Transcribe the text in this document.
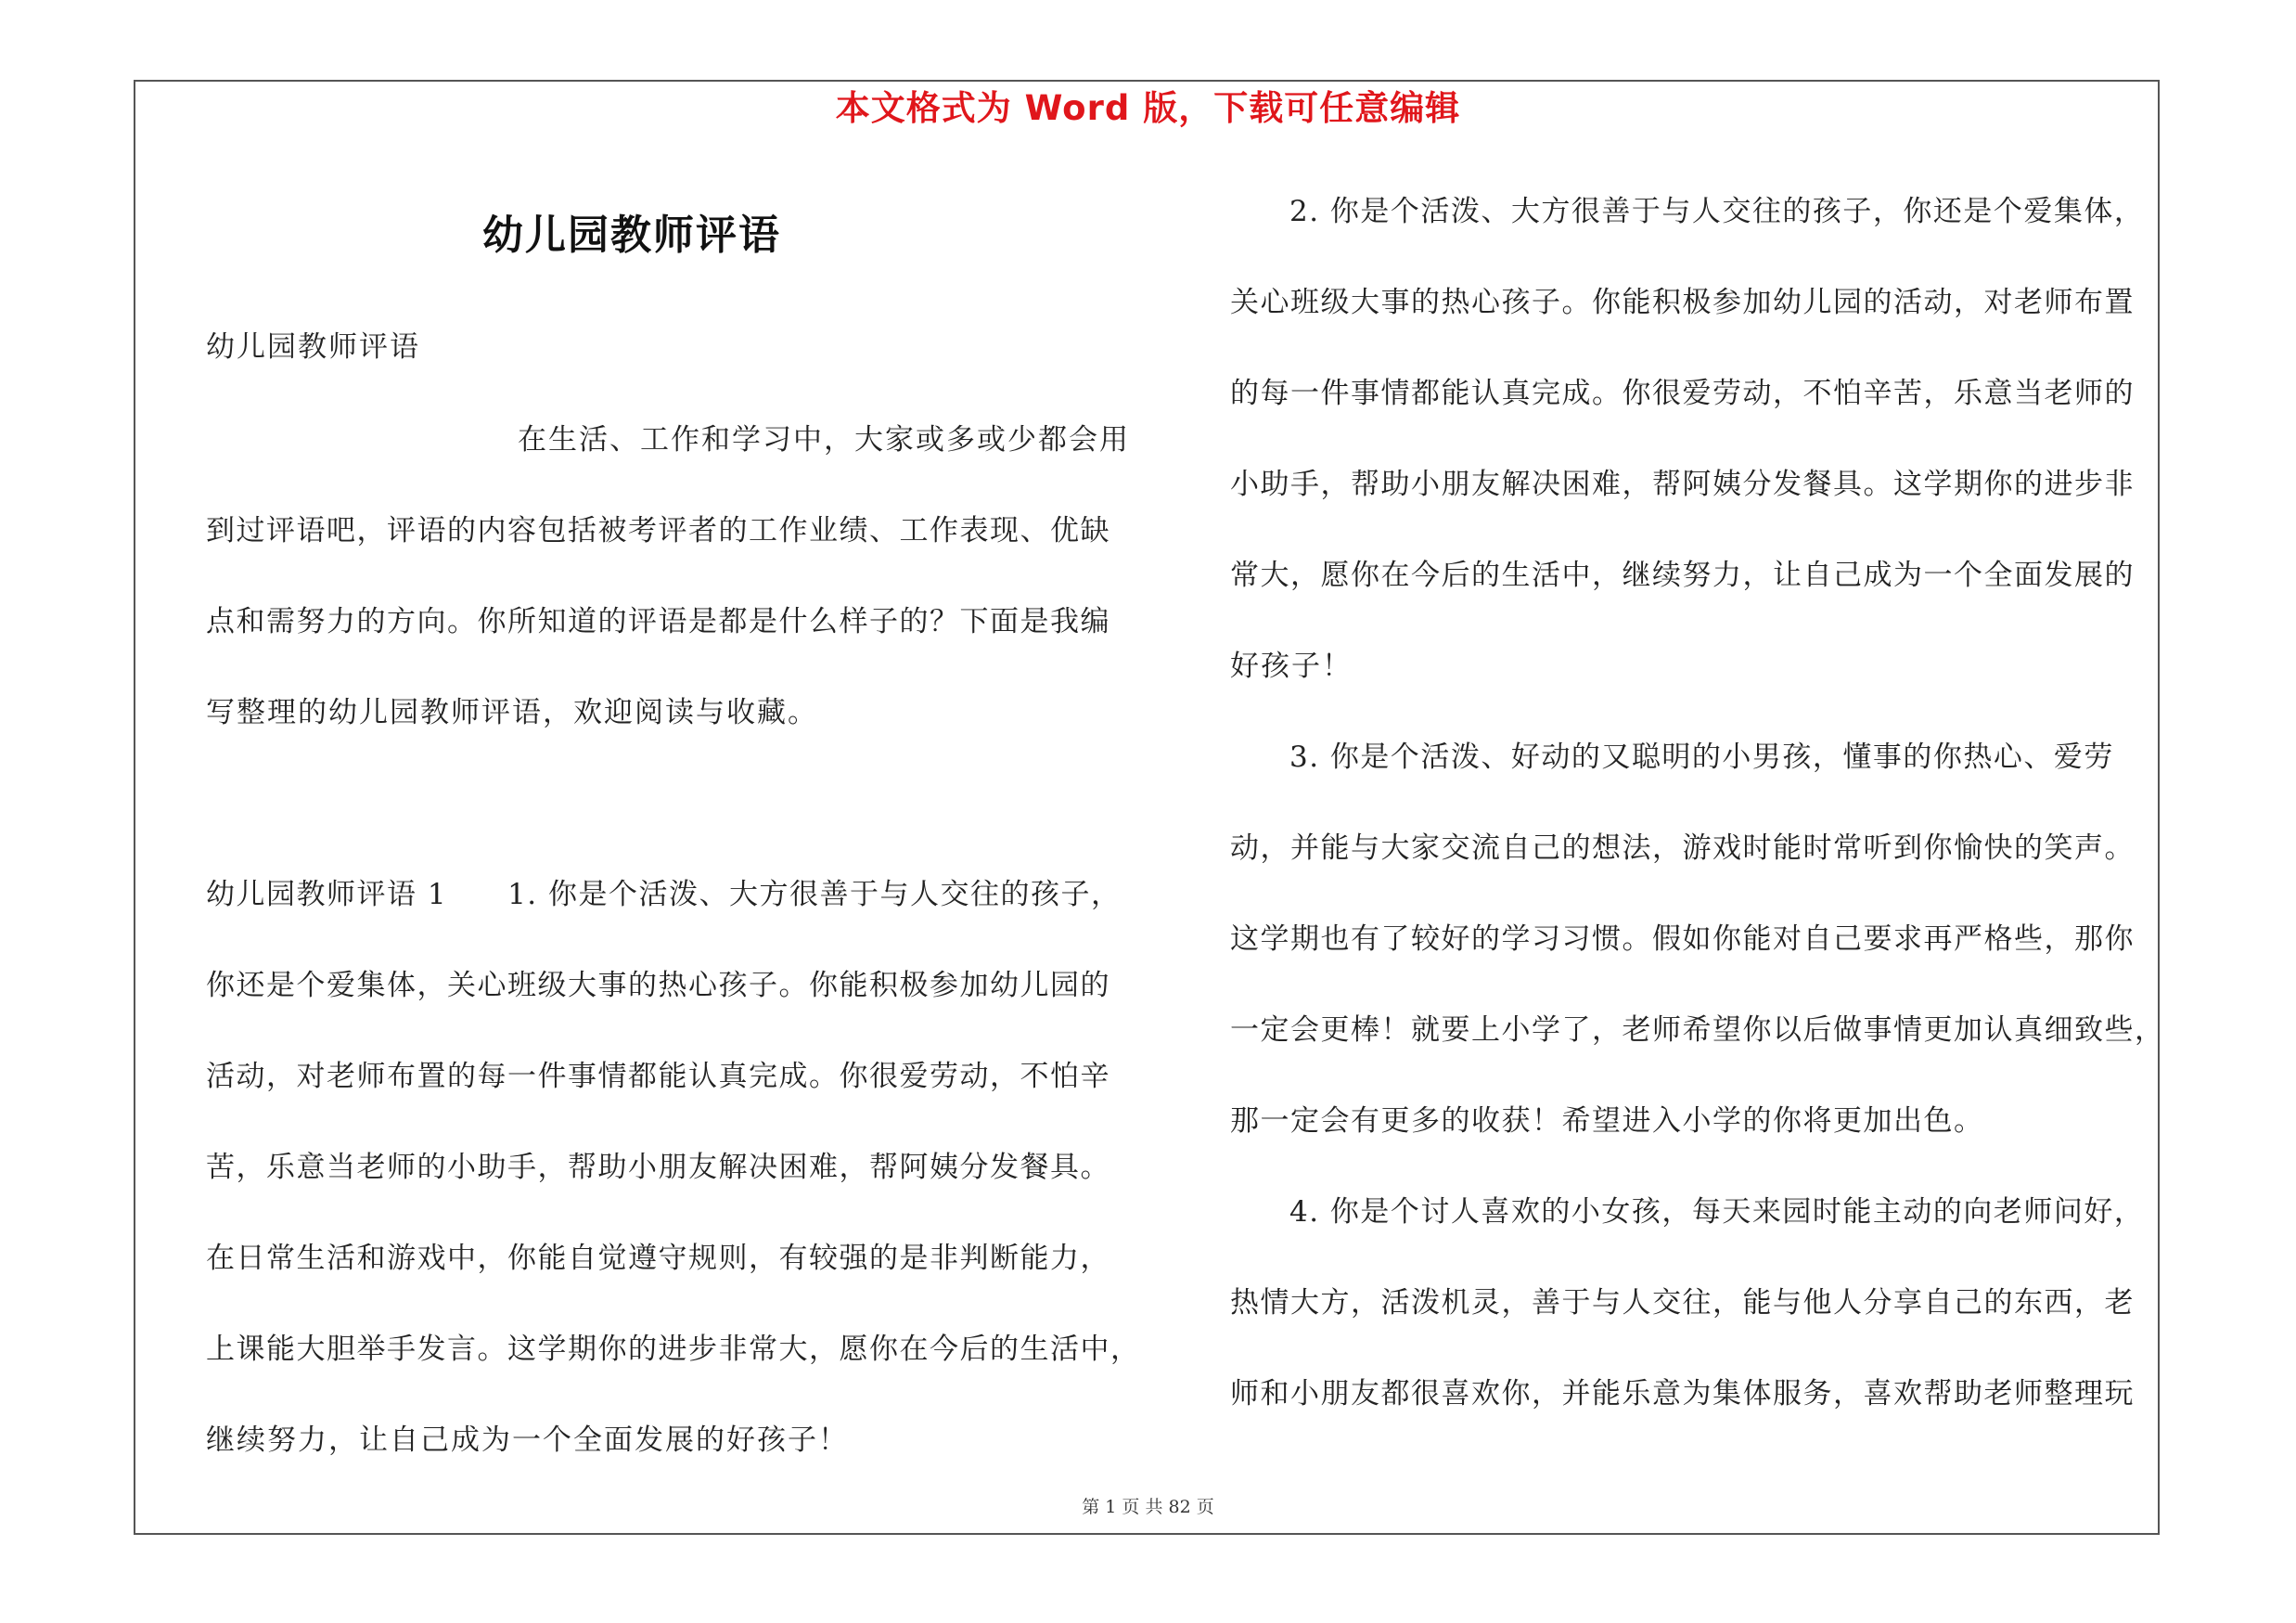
本文格式为 Word 版，下载可任意编辑
幼儿园教师评语
幼儿园教师评语
在生活、工作和学习中，大家或多或少都会用
到过评语吧，评语的内容包括被考评者的工作业绩、工作表现、优缺
点和需努力的方向。你所知道的评语是都是什么样子的？下面是我编
写整理的幼儿园教师评语，欢迎阅读与收藏。
幼儿园教师评语 1　　1. 你是个活泼、大方很善于与人交往的孩子，
你还是个爱集体，关心班级大事的热心孩子。你能积极参加幼儿园的
活动，对老师布置的每一件事情都能认真完成。你很爱劳动，不怕辛
苦，乐意当老师的小助手，帮助小朋友解决困难，帮阿姨分发餐具。
在日常生活和游戏中，你能自觉遵守规则，有较强的是非判断能力，
上课能大胆举手发言。这学期你的进步非常大，愿你在今后的生活中，
继续努力，让自己成为一个全面发展的好孩子！
2. 你是个活泼、大方很善于与人交往的孩子，你还是个爱集体，
关心班级大事的热心孩子。你能积极参加幼儿园的活动，对老师布置
的每一件事情都能认真完成。你很爱劳动，不怕辛苦，乐意当老师的
小助手，帮助小朋友解决困难，帮阿姨分发餐具。这学期你的进步非
常大，愿你在今后的生活中，继续努力，让自己成为一个全面发展的
好孩子！
3. 你是个活泼、好动的又聪明的小男孩，懂事的你热心、爱劳
动，并能与大家交流自己的想法，游戏时能时常听到你愉快的笑声。
这学期也有了较好的学习习惯。假如你能对自己要求再严格些，那你
一定会更棒！就要上小学了，老师希望你以后做事情更加认真细致些，
那一定会有更多的收获！希望进入小学的你将更加出色。
4. 你是个讨人喜欢的小女孩，每天来园时能主动的向老师问好，
热情大方，活泼机灵，善于与人交往，能与他人分享自己的东西，老
师和小朋友都很喜欢你，并能乐意为集体服务，喜欢帮助老师整理玩
第 1 页 共 82 页
